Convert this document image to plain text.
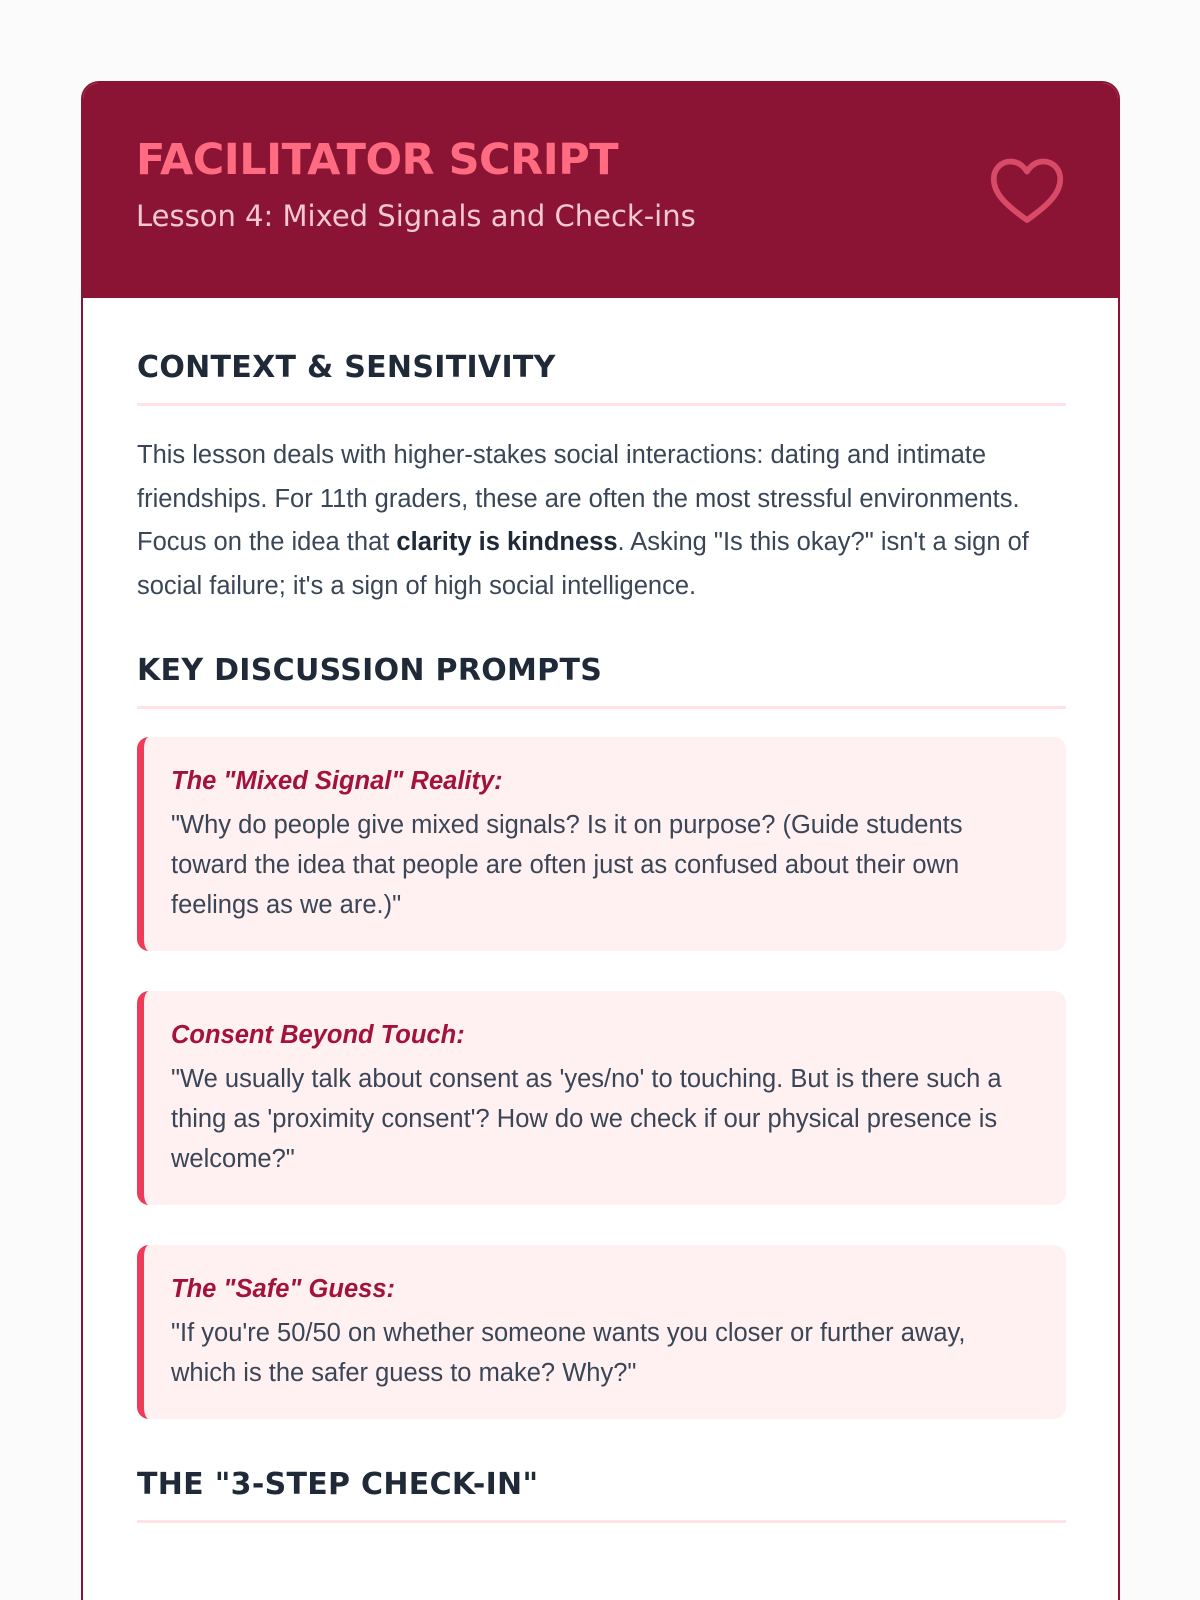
FACILITATOR SCRIPT
Lesson 4: Mixed Signals and Check-ins
CONTEXT & SENSITIVITY
This lesson deals with higher-stakes social interactions: dating and intimate friendships. For 11th graders, these are often the most stressful environments. Focus on the idea that clarity is kindness. Asking "Is this okay?" isn't a sign of social failure; it's a sign of high social intelligence.
KEY DISCUSSION PROMPTS
The "Mixed Signal" Reality:
"Why do people give mixed signals? Is it on purpose? (Guide students toward the idea that people are often just as confused about their own feelings as we are.)"
Consent Beyond Touch:
"We usually talk about consent as 'yes/no' to touching. But is there such a thing as 'proximity consent'? How do we check if our physical presence is welcome?"
The "Safe" Guess:
"If you're 50/50 on whether someone wants you closer or further away, which is the safer guess to make? Why?"
THE "3-STEP CHECK-IN"
